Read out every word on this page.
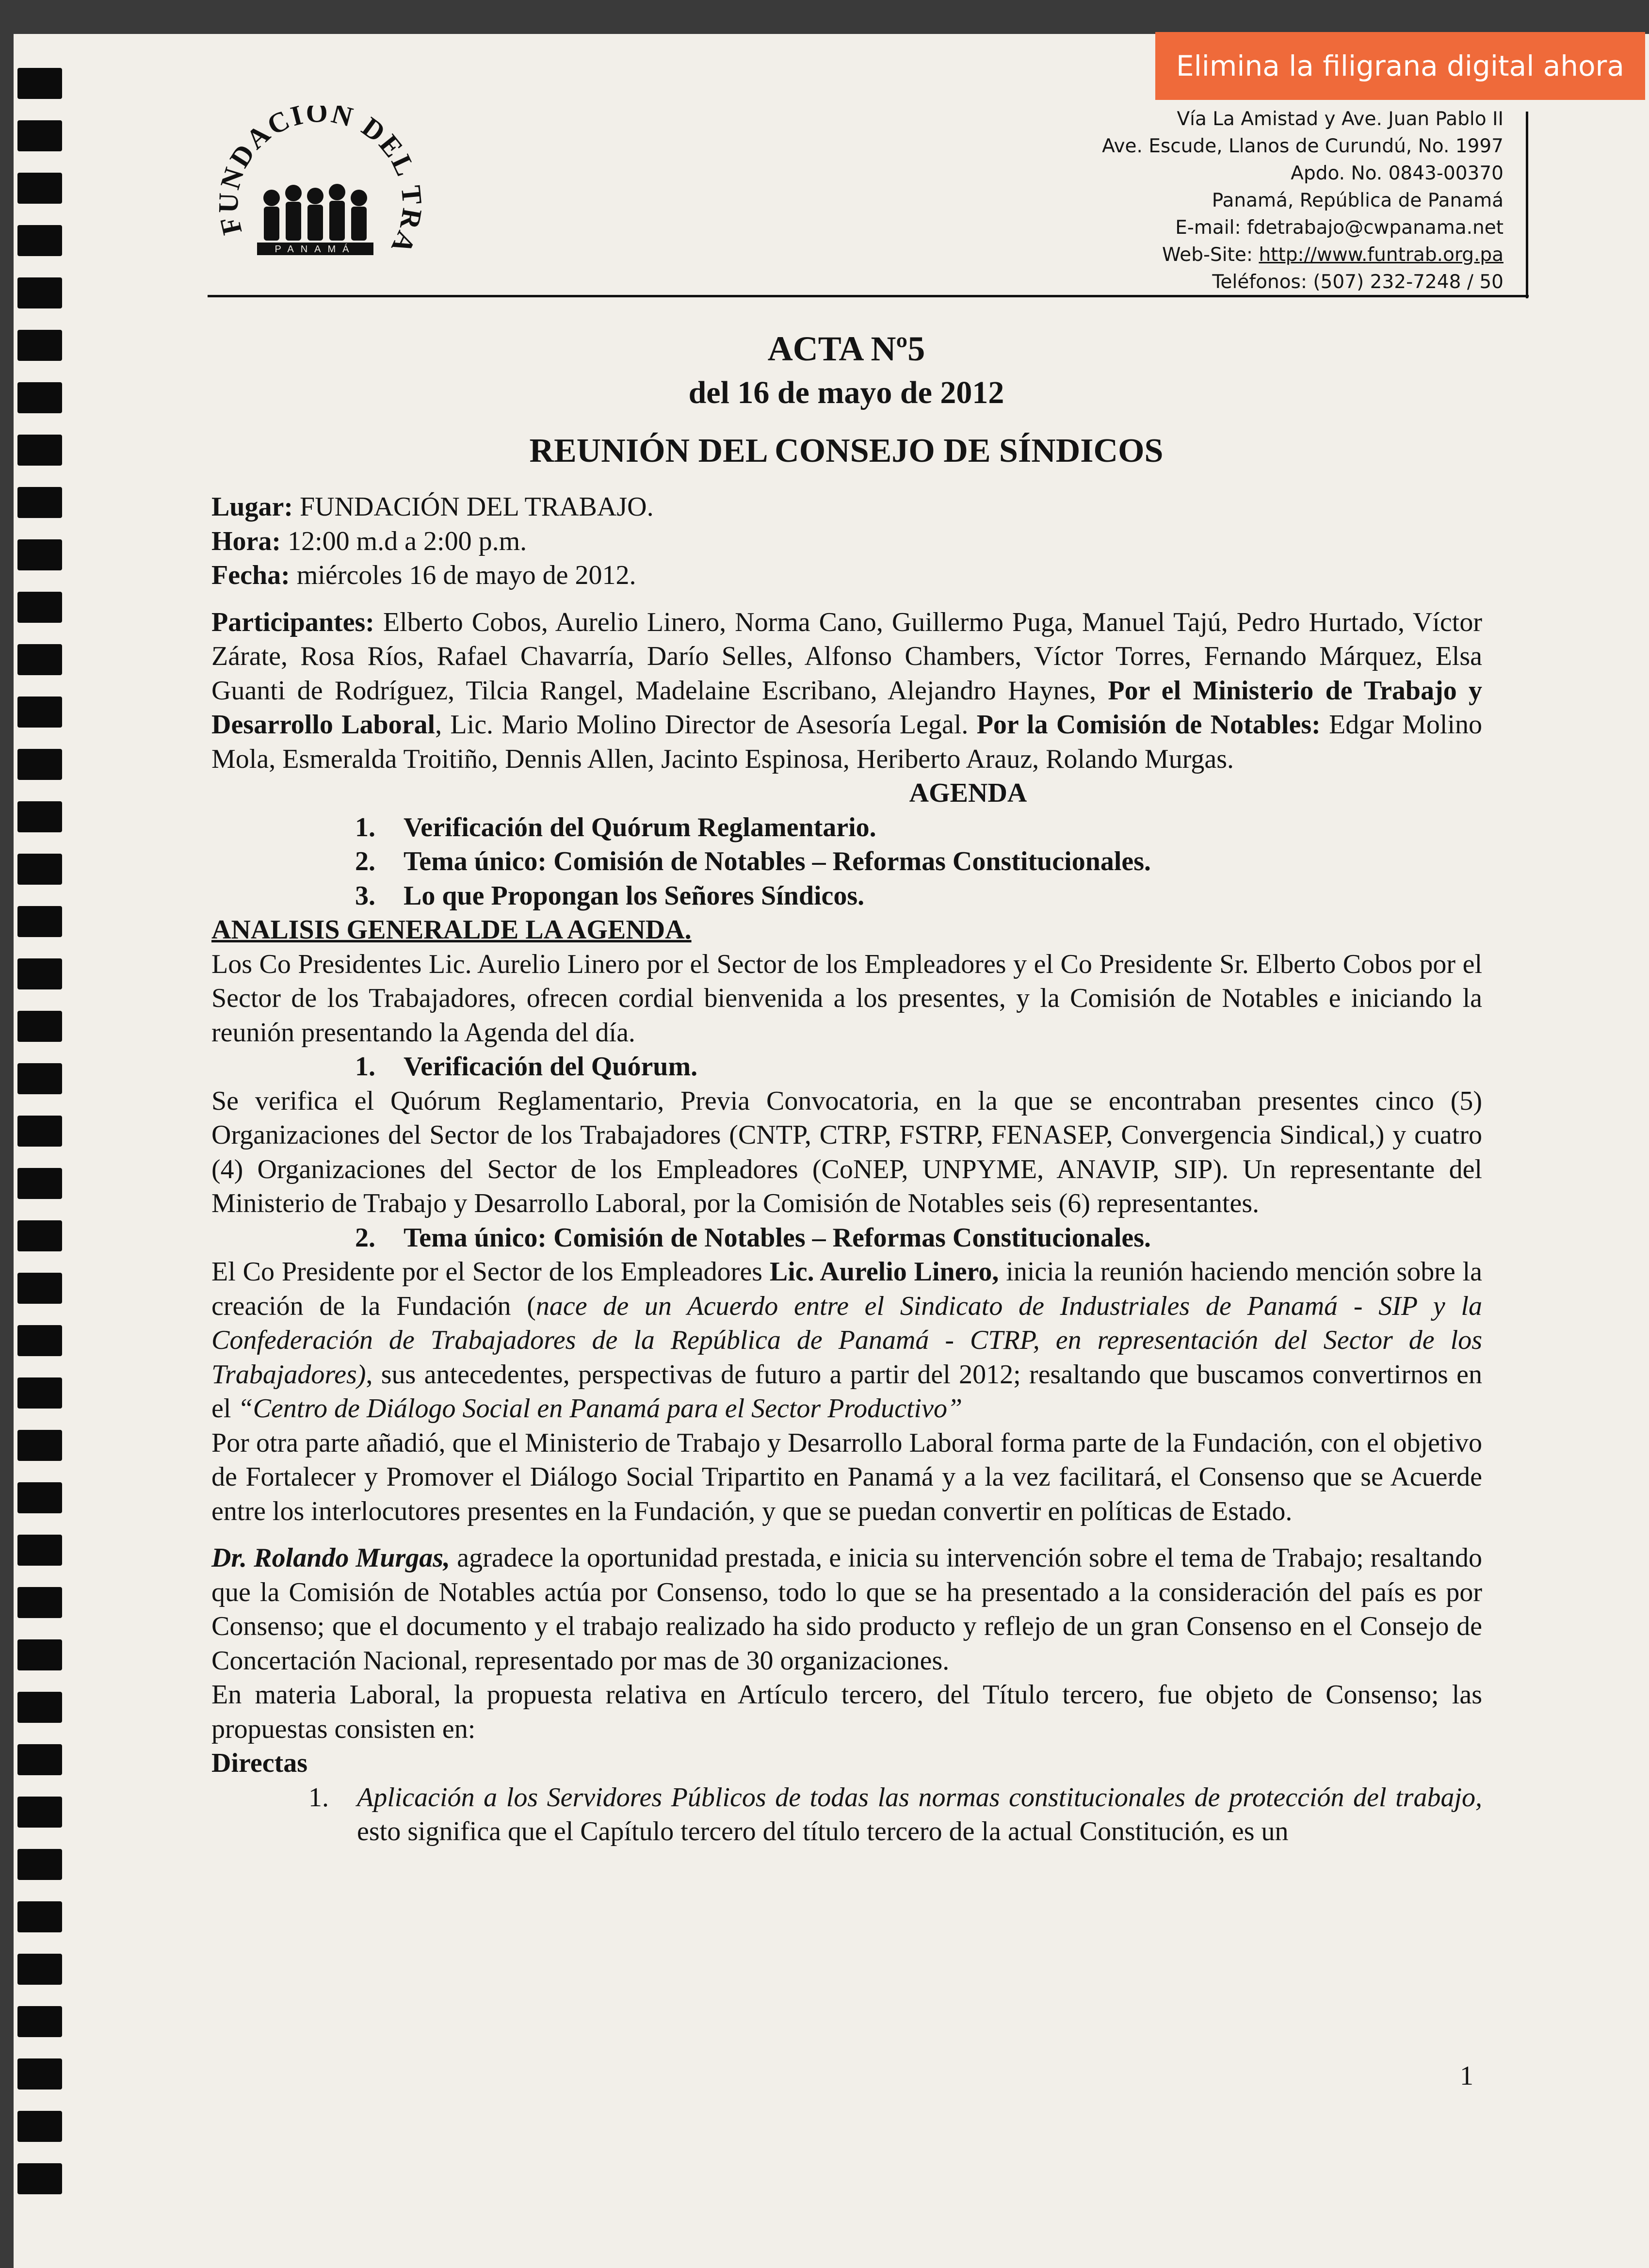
Elimina la filigrana digital ahora
FUNDACIÓN DEL TRA
PANAMÁ
Vía La Amistad y Ave. Juan Pablo II
Ave. Escude, Llanos de Curundú, No. 1997
Apdo. No. 0843-00370
Panamá, República de Panamá
E-mail: fdetrabajo@cwpanama.net
Web-Site: http://www.funtrab.org.pa
Teléfonos: (507) 232-7248 / 50
ACTA Nº5
del 16 de mayo de 2012
REUNIÓN DEL CONSEJO DE SÍNDICOS

Lugar: FUNDACIÓN DEL TRABAJO.

Hora: 12:00 m.d a 2:00 p.m.

Fecha: miércoles 16 de mayo de 2012.

Participantes: Elberto Cobos, Aurelio Linero, Norma Cano, Guillermo Puga, Manuel Tajú, Pedro Hurtado, Víctor Zárate, Rosa Ríos, Rafael Chavarría, Darío Selles, Alfonso Chambers, Víctor Torres, Fernando Márquez, Elsa Guanti de Rodríguez, Tilcia Rangel, Madelaine Escribano, Alejandro Haynes, Por el Ministerio de Trabajo y Desarrollo Laboral, Lic. Mario Molino Director de Asesoría Legal. Por la Comisión de Notables: Edgar Molino Mola, Esmeralda Troitiño, Dennis Allen, Jacinto Espinosa, Heriberto Arauz, Rolando Murgas.

AGENDA
1.	Verificación del Quórum Reglamentario.
2.	Tema único: Comisión de Notables – Reformas Constitucionales.
3.	Lo que Propongan los Señores Síndicos.
ANALISIS GENERALDE LA AGENDA.

Los Co Presidentes Lic. Aurelio Linero por el Sector de los Empleadores y el Co Presidente Sr. Elberto Cobos por el Sector de los Trabajadores, ofrecen cordial bienvenida a los presentes, y la Comisión de Notables e iniciando la reunión presentando la Agenda del día.

1. Verificación del Quórum.

Se verifica el Quórum Reglamentario, Previa Convocatoria, en la que se encontraban presentes cinco (5) Organizaciones del Sector de los Trabajadores (CNTP, CTRP, FSTRP, FENASEP, Convergencia Sindical,) y cuatro (4) Organizaciones del Sector de los Empleadores (CoNEP, UNPYME, ANAVIP, SIP). Un representante del Ministerio de Trabajo y Desarrollo Laboral, por la Comisión de Notables seis (6) representantes.

2. Tema único: Comisión de Notables – Reformas Constitucionales.

El Co Presidente por el Sector de los Empleadores Lic. Aurelio Linero, inicia la reunión haciendo mención sobre la creación de la Fundación (nace de un Acuerdo entre el Sindicato de Industriales de Panamá - SIP y la Confederación de Trabajadores de la República de Panamá - CTRP, en representación del Sector de los Trabajadores), sus antecedentes, perspectivas de futuro a partir del 2012; resaltando que buscamos convertirnos en el “Centro de Diálogo Social en Panamá para el Sector Productivo”

Por otra parte añadió, que el Ministerio de Trabajo y Desarrollo Laboral forma parte de la Fundación, con el objetivo de Fortalecer y Promover el Diálogo Social Tripartito en Panamá y a la vez facilitará, el Consenso que se Acuerde entre los interlocutores presentes en la Fundación, y que se puedan convertir en políticas de Estado.

Dr. Rolando Murgas, agradece la oportunidad prestada, e inicia su intervención sobre el tema de Trabajo; resaltando que la Comisión de Notables actúa por Consenso, todo lo que se ha presentado a la consideración del país es por Consenso; que el documento y el trabajo realizado ha sido producto y reflejo de un gran Consenso en el Consejo de Concertación Nacional, representado por mas de 30 organizaciones.

En materia Laboral, la propuesta relativa en Artículo tercero, del Título tercero, fue objeto de Consenso; las propuestas consisten en:

Directas
1.	Aplicación a los Servidores Públicos de todas las normas constitucionales de protección del trabajo, esto significa que el Capítulo tercero del título tercero de la actual Constitución, es un
1
